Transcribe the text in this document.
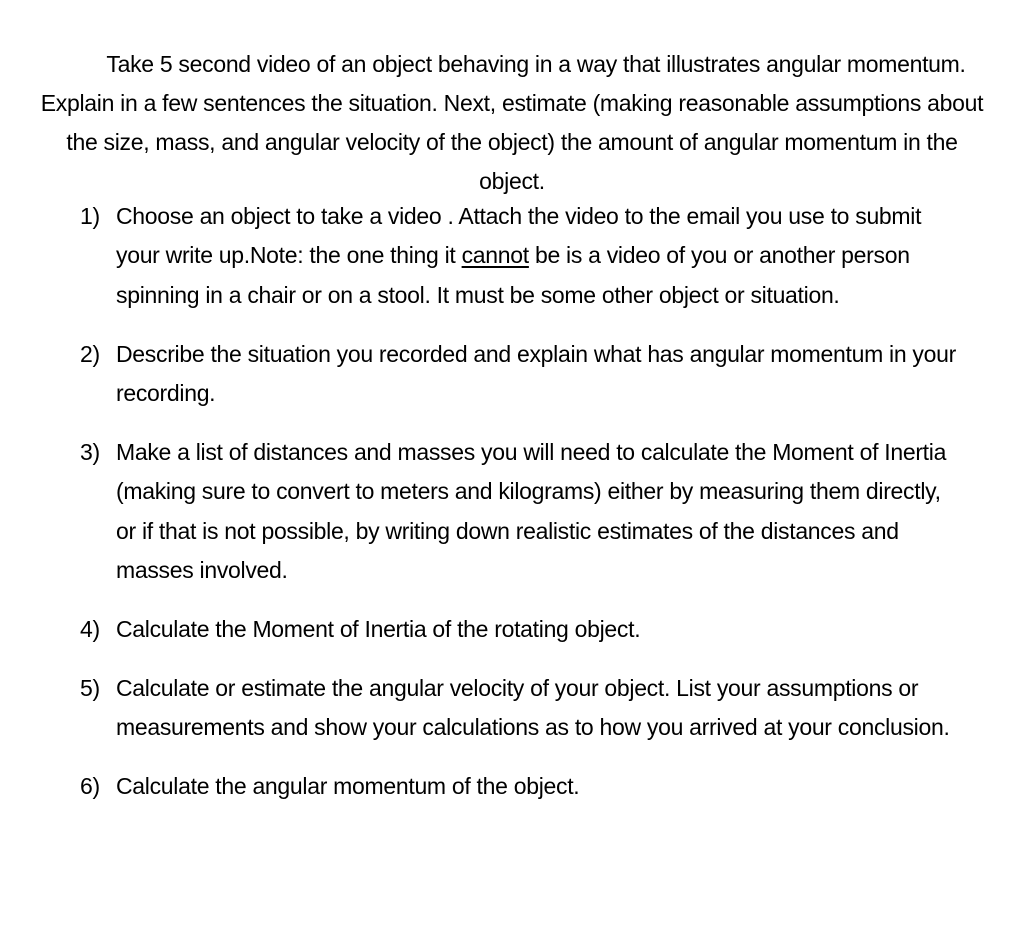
Take 5 second video of an object behaving in a way that illustrates angular momentum. Explain in a few sentences the situation. Next, estimate (making reasonable assumptions about the size, mass, and angular velocity of the object) the amount of angular momentum in the object.

1) Choose an object to take a video . Attach the video to the email you use to submit your write up.Note: the one thing it cannot be is a video of you or another person spinning in a chair or on a stool. It must be some other object or situation.
2) Describe the situation you recorded and explain what has angular momentum in your recording.
3) Make a list of distances and masses you will need to calculate the Moment of Inertia (making sure to convert to meters and kilograms) either by measuring them directly, or if that is not possible, by writing down realistic estimates of the distances and masses involved.
4) Calculate the Moment of Inertia of the rotating object.
5) Calculate or estimate the angular velocity of your object. List your assumptions or measurements and show your calculations as to how you arrived at your conclusion.
6) Calculate the angular momentum of the object.
